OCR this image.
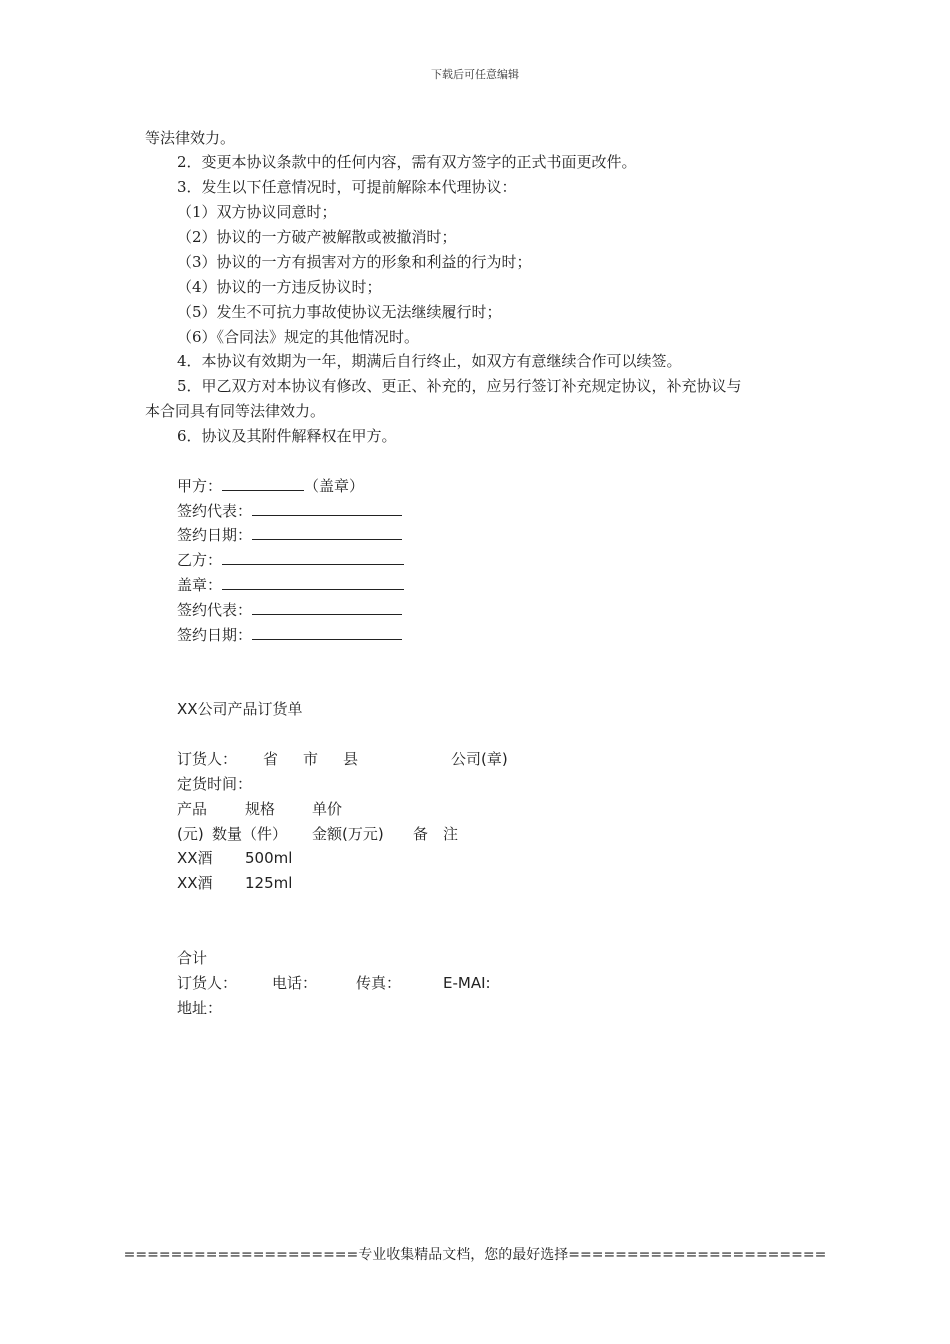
下载后可任意编辑
等法律效力。
2．变更本协议条款中的任何内容，需有双方签字的正式书面更改件。
3．发生以下任意情况时，可提前解除本代理协议：
（1）双方协议同意时；
（2）协议的一方破产被解散或被撤消时；
（3）协议的一方有损害对方的形象和利益的行为时；
（4）协议的一方违反协议时；
（5）发生不可抗力事故使协议无法继续履行时；
（6）《合同法》规定的其他情况时。
4．本协议有效期为一年，期满后自行终止，如双方有意继续合作可以续签。
5．甲乙双方对本协议有修改、更正、补充的，应另行签订补充规定协议，补充协议与
本合同具有同等法律效力。
6．协议及其附件解释权在甲方。
甲方：	（盖章）
签约代表：
签约日期：
乙方：
盖章：
签约代表：
签约日期：
XX公司产品订货单
订货人： 省 市 县	公司(章)
定货时间：
产品	规格 单价
(元) 数量（件） 金额(万元) 备　注
XX酒 500ml
XX酒 125ml
合计
订货人： 电话：	传真：	E-MAI:
地址：
====================专业收集精品文档，您的最好选择======================
